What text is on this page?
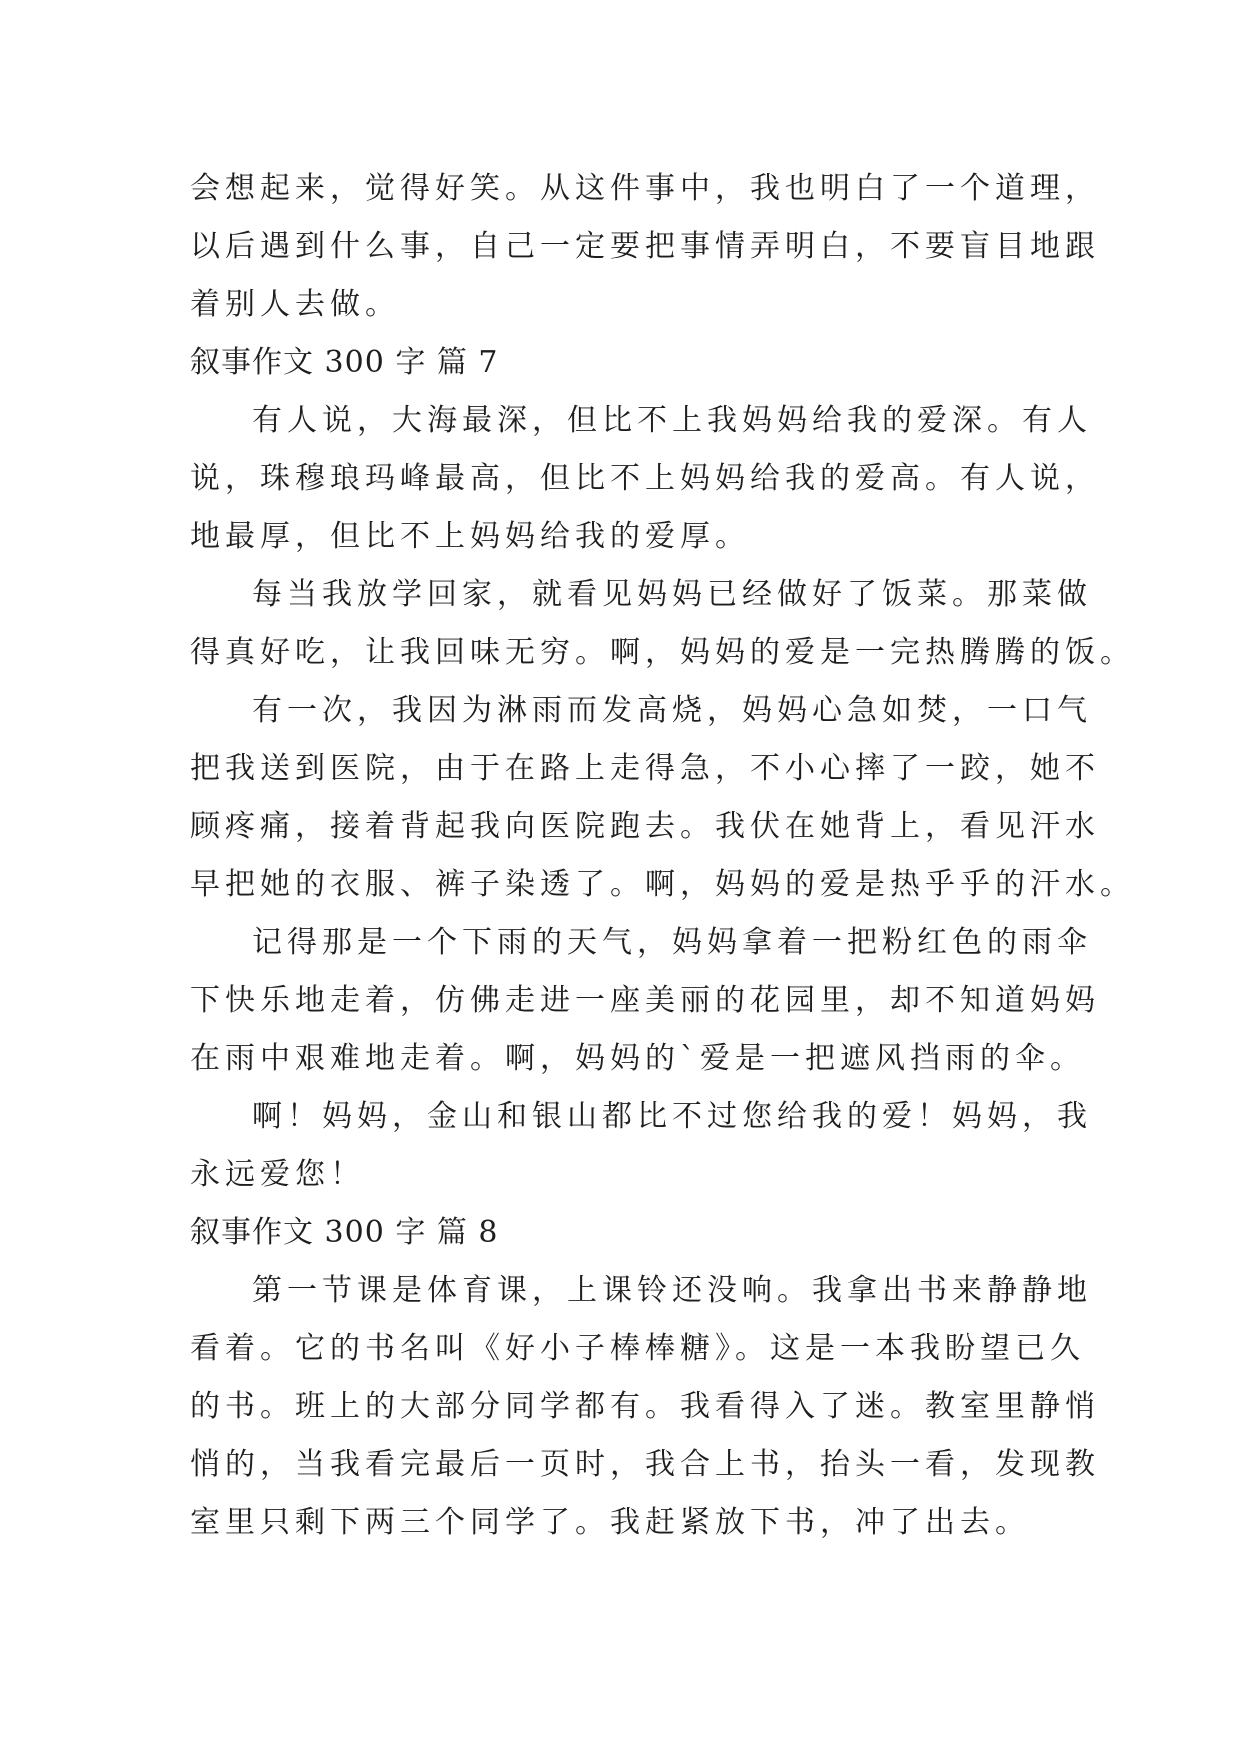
会想起来，觉得好笑。从这件事中，我也明白了一个道理，
以后遇到什么事，自己一定要把事情弄明白，不要盲目地跟
着别人去做。
叙事作文 300 字 篇 7
有人说，大海最深，但比不上我妈妈给我的爱深。有人
说，珠穆琅玛峰最高，但比不上妈妈给我的爱高。有人说，
地最厚，但比不上妈妈给我的爱厚。
每当我放学回家，就看见妈妈已经做好了饭菜。那菜做
得真好吃，让我回味无穷。啊，妈妈的爱是一完热腾腾的饭。
有一次，我因为淋雨而发高烧，妈妈心急如焚，一口气
把我送到医院，由于在路上走得急，不小心摔了一跤，她不
顾疼痛，接着背起我向医院跑去。我伏在她背上，看见汗水
早把她的衣服、裤子染透了。啊，妈妈的爱是热乎乎的汗水。
记得那是一个下雨的天气，妈妈拿着一把粉红色的雨伞
下快乐地走着，仿佛走进一座美丽的花园里，却不知道妈妈
在雨中艰难地走着。啊，妈妈的`爱是一把遮风挡雨的伞。
啊！妈妈，金山和银山都比不过您给我的爱！妈妈，我
永远爱您！
叙事作文 300 字 篇 8
第一节课是体育课，上课铃还没响。我拿出书来静静地
看着。它的书名叫《好小子棒棒糖》。这是一本我盼望已久
的书。班上的大部分同学都有。我看得入了迷。教室里静悄
悄的，当我看完最后一页时，我合上书，抬头一看，发现教
室里只剩下两三个同学了。我赶紧放下书，冲了出去。
